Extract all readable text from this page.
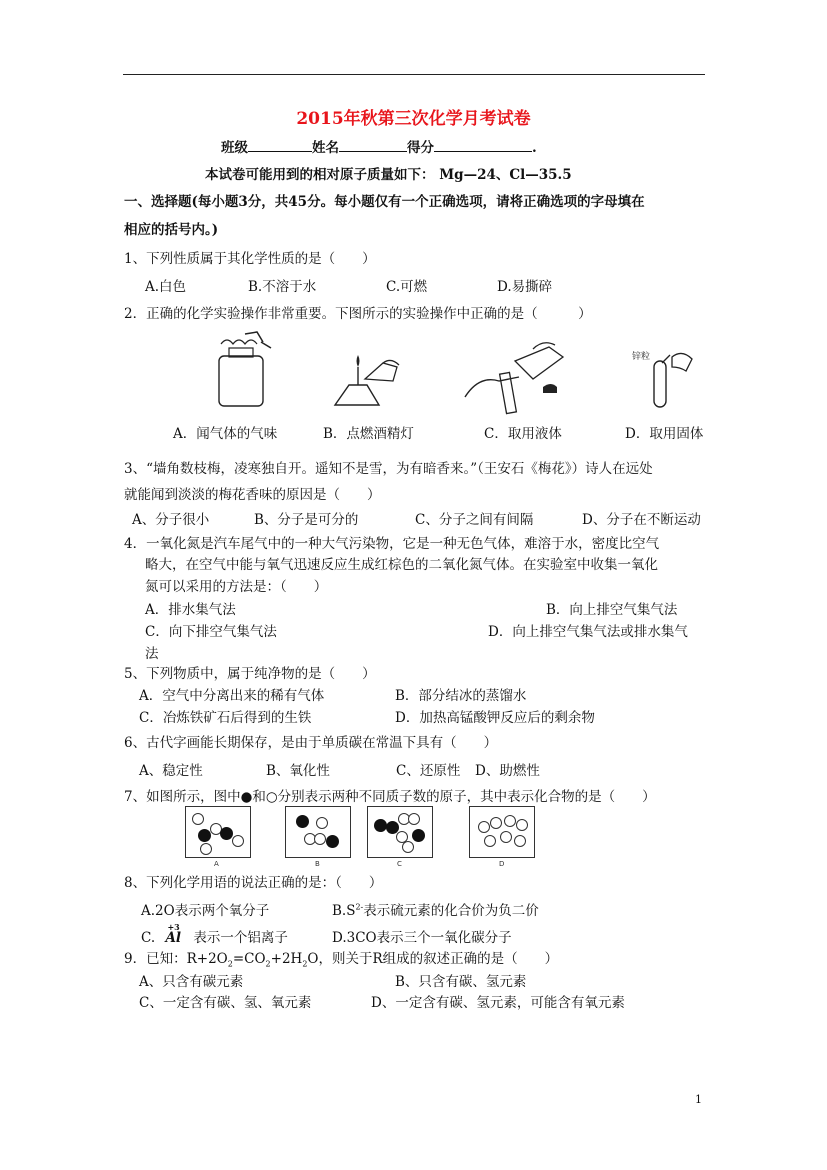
2015年秋第三次化学月考试卷
班级	姓名	得分	.
本试卷可能用到的相对原子质量如下： Mg—24、Cl—35.5
一、选择题(每小题3分，共45分。每小题仅有一个正确选项，请将正确选项的字母填在
相应的括号内。)
1、下列性质属于其化学性质的是（　　）
A.白色	B.不溶于水	C.可燃	D.易撕碎
2．正确的化学实验操作非常重要。下图所示的实验操作中正确的是（　　　）
锌粒
A．闻气体的气味	B．点燃酒精灯	C．取用液体	D．取用固体
3、“墙角数枝梅，凌寒独自开。遥知不是雪，为有暗香来。”（王安石《梅花》）诗人在远处
就能闻到淡淡的梅花香味的原因是（　　）
A、分子很小	B、分子是可分的	C、分子之间有间隔	D、分子在不断运动
4．一氧化氮是汽车尾气中的一种大气污染物，它是一种无色气体，难溶于水，密度比空气
略大，在空气中能与氧气迅速反应生成红棕色的二氧化氮气体。在实验室中收集一氧化
氮可以采用的方法是：（　　）
A．排水集气法	B．向上排空气集气法
C．向下排空气集气法	D．向上排空气集气法或排水集气
法
5、下列物质中，属于纯净物的是（　　）
A．空气中分离出来的稀有气体	B．部分结冰的蒸馏水
C．冶炼铁矿石后得到的生铁	D．加热高锰酸钾反应后的剩余物
6、古代字画能长期保存，是由于单质碳在常温下具有（　　）
A、稳定性	B、氧化性	C、还原性 D、助燃性
7、如图所示，图中●和○分别表示两种不同质子数的原子，其中表示化合物的是（　　）
A	B	C	D
8、下列化学用语的说法正确的是：（　　）
A.2O表示两个氧分子	$B.S^{2-}$表示硫元素的化合价为负二价
C.
+3
Al 表示一个铝离子	D.3CO表示三个一氧化碳分子
9．已知：$R+2O_2=CO_2+2H_2O$，则关于R组成的叙述正确的是（　　）
A、只含有碳元素	B、只含有碳、氢元素
C、一定含有碳、氢、氧元素	D、一定含有碳、氢元素，可能含有氧元素
1
